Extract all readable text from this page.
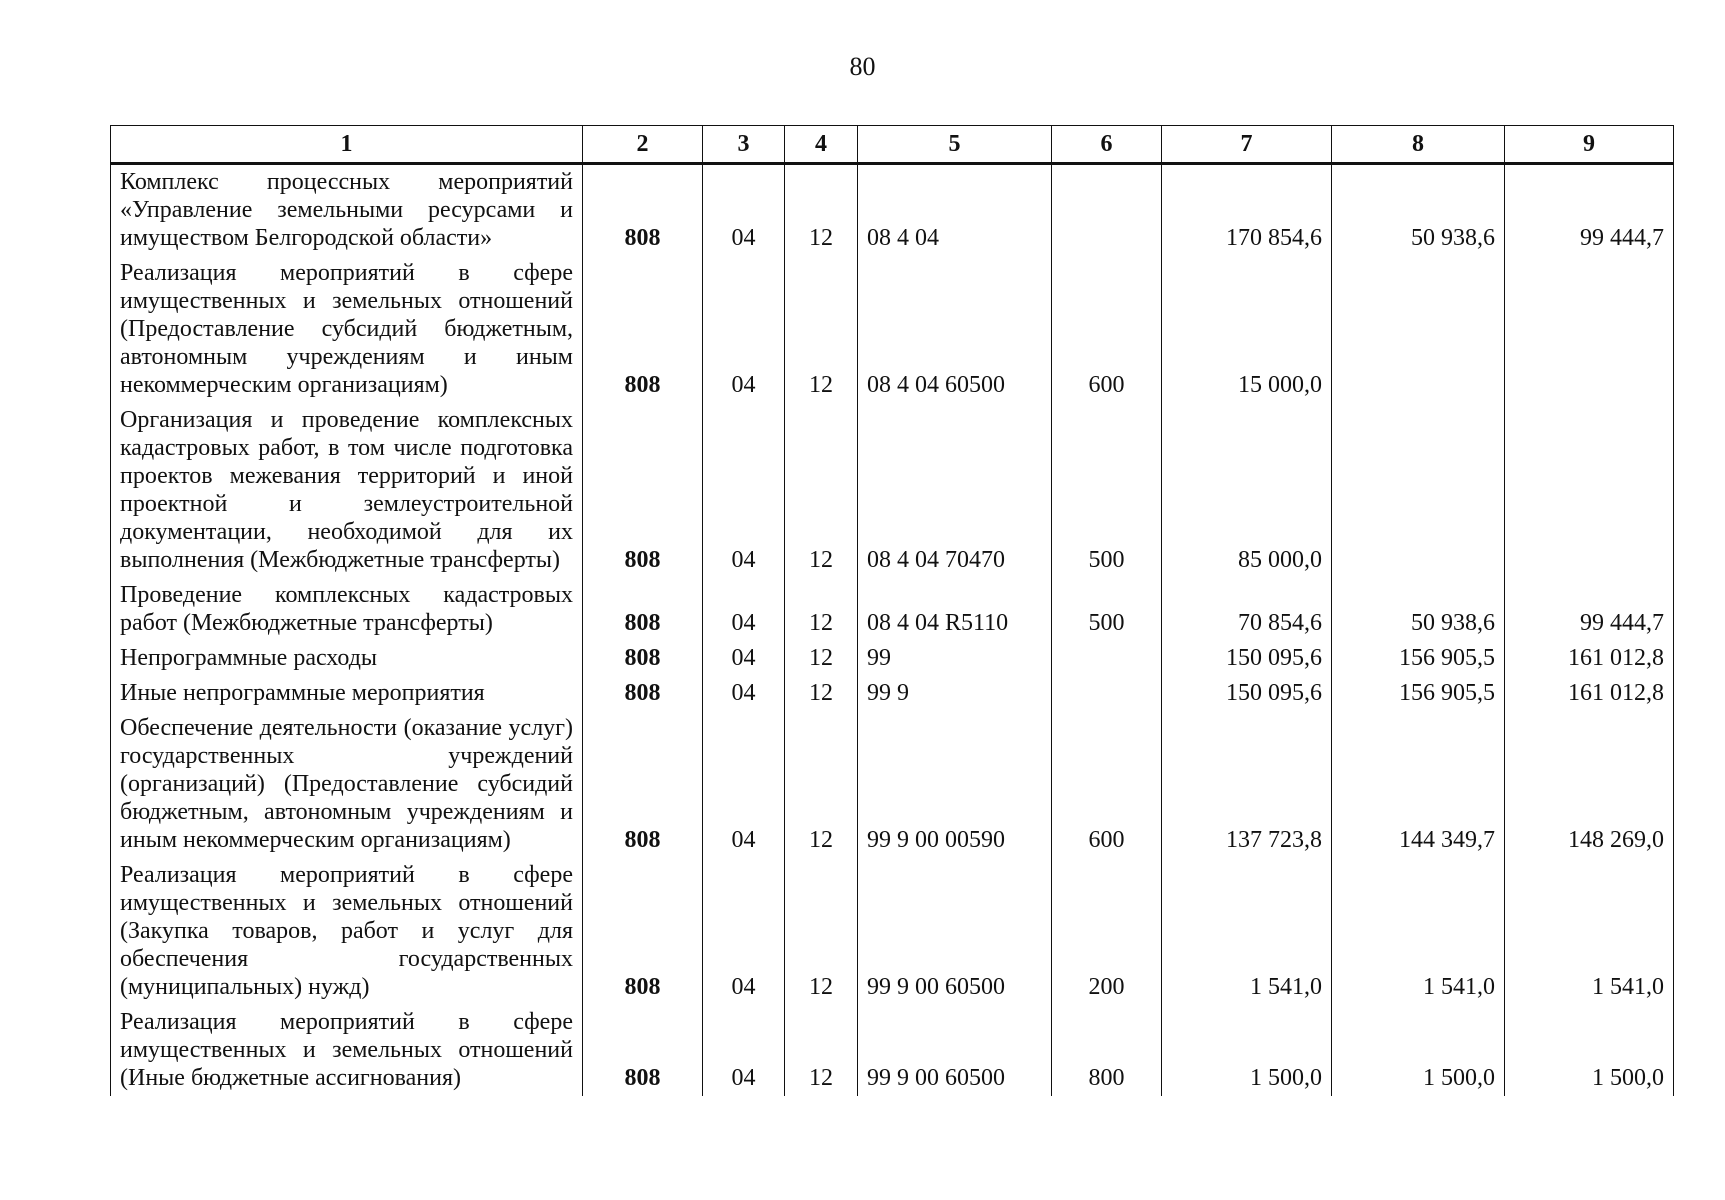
80
1	2	3	4	5	6	7	8	9
Комплекс процессных мероприятий «Управление земельными ресурсами и имуществом Белгородской области»	808	04	12	08 4 04		170 854,6	50 938,6	99 444,7
Реализация мероприятий в сфере имущественных и земельных отношений (Предоставление субсидий бюджетным, автономным учреждениям и иным некоммерческим организациям)	808	04	12	08 4 04 60500	600	15 000,0		
Организация и проведение комплексных кадастровых работ, в том числе подготовка проектов межевания территорий и иной проектной и землеустроительной документации, необходимой для их выполнения (Межбюджетные трансферты)	808	04	12	08 4 04 70470	500	85 000,0		
Проведение комплексных кадастровых работ (Межбюджетные трансферты)	808	04	12	08 4 04 R5110	500	70 854,6	50 938,6	99 444,7
Непрограммные расходы	808	04	12	99		150 095,6	156 905,5	161 012,8
Иные непрограммные мероприятия	808	04	12	99 9		150 095,6	156 905,5	161 012,8
Обеспечение деятельности (оказание услуг) государственных учреждений (организаций) (Предоставление субсидий бюджетным, автономным учреждениям и иным некоммерческим организациям)	808	04	12	99 9 00 00590	600	137 723,8	144 349,7	148 269,0
Реализация мероприятий в сфере имущественных и земельных отношений (Закупка товаров, работ и услуг для обеспечения государственных (муниципальных) нужд)	808	04	12	99 9 00 60500	200	1 541,0	1 541,0	1 541,0
Реализация мероприятий в сфере имущественных и земельных отношений (Иные бюджетные ассигнования)	808	04	12	99 9 00 60500	800	1 500,0	1 500,0	1 500,0
